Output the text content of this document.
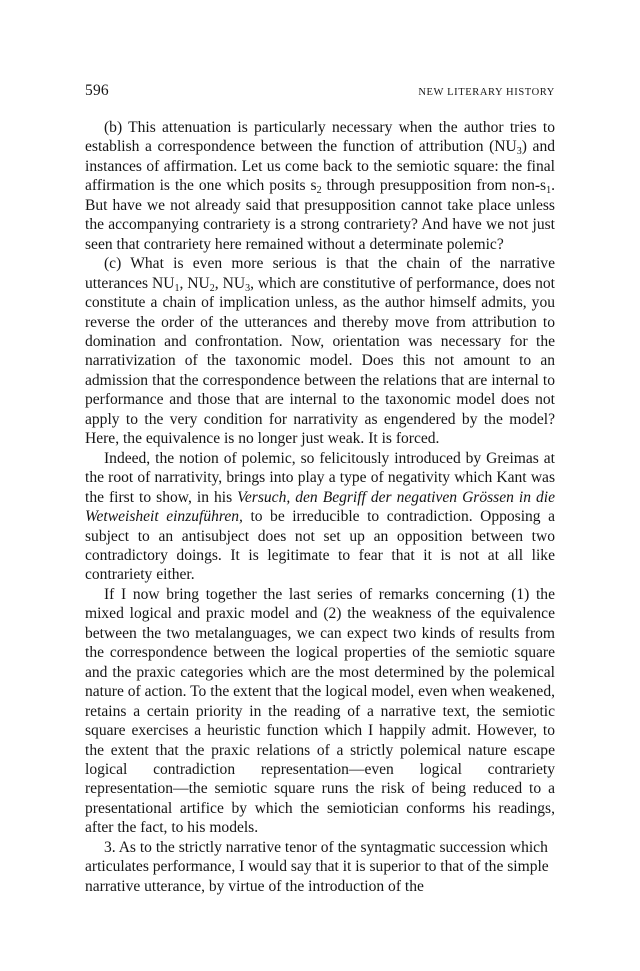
596	NEW LITERARY HISTORY

(b) This attenuation is particularly necessary when the author tries to establish a correspondence between the function of attribution $(NU_3)$ and instances of affirmation. Let us come back to the semiotic square: the final affirmation is the one which posits $s_2$ through presupposition from non-$s_1$. But have we not already said that presupposition cannot take place unless the accompanying contrariety is a strong contrariety? And have we not just seen that contrariety here remained without a determinate polemic?

(c) What is even more serious is that the chain of the narrative utterances $NU_1$, $NU_2$, $NU_3$, which are constitutive of performance, does not constitute a chain of implication unless, as the author himself admits, you reverse the order of the utterances and thereby move from attribution to domination and confrontation. Now, orientation was necessary for the narrativization of the taxonomic model. Does this not amount to an admission that the correspondence between the relations that are internal to performance and those that are internal to the taxonomic model does not apply to the very condition for narrativity as engendered by the model? Here, the equivalence is no longer just weak. It is forced.

Indeed, the notion of polemic, so felicitously introduced by Greimas at the root of narrativity, brings into play a type of negativity which Kant was the first to show, in his Versuch, den Begriff der negativen Grössen in die Wetweisheit einzuführen, to be irreducible to contradiction. Opposing a subject to an antisubject does not set up an opposition between two contradictory doings. It is legitimate to fear that it is not at all like contrariety either.

If I now bring together the last series of remarks concerning (1) the mixed logical and praxic model and (2) the weakness of the equivalence between the two metalanguages, we can expect two kinds of results from the correspondence between the logical properties of the semiotic square and the praxic categories which are the most determined by the polemical nature of action. To the extent that the logical model, even when weakened, retains a certain priority in the reading of a narrative text, the semiotic square exercises a heuristic function which I happily admit. However, to the extent that the praxic relations of a strictly polemical nature escape logical contradiction representation—even logical contrariety representation—the semiotic square runs the risk of being reduced to a presentational artifice by which the semiotician conforms his readings, after the fact, to his models.

3. As to the strictly narrative tenor of the syntagmatic succession which articulates performance, I would say that it is superior to that of the simple narrative utterance, by virtue of the introduction of the
